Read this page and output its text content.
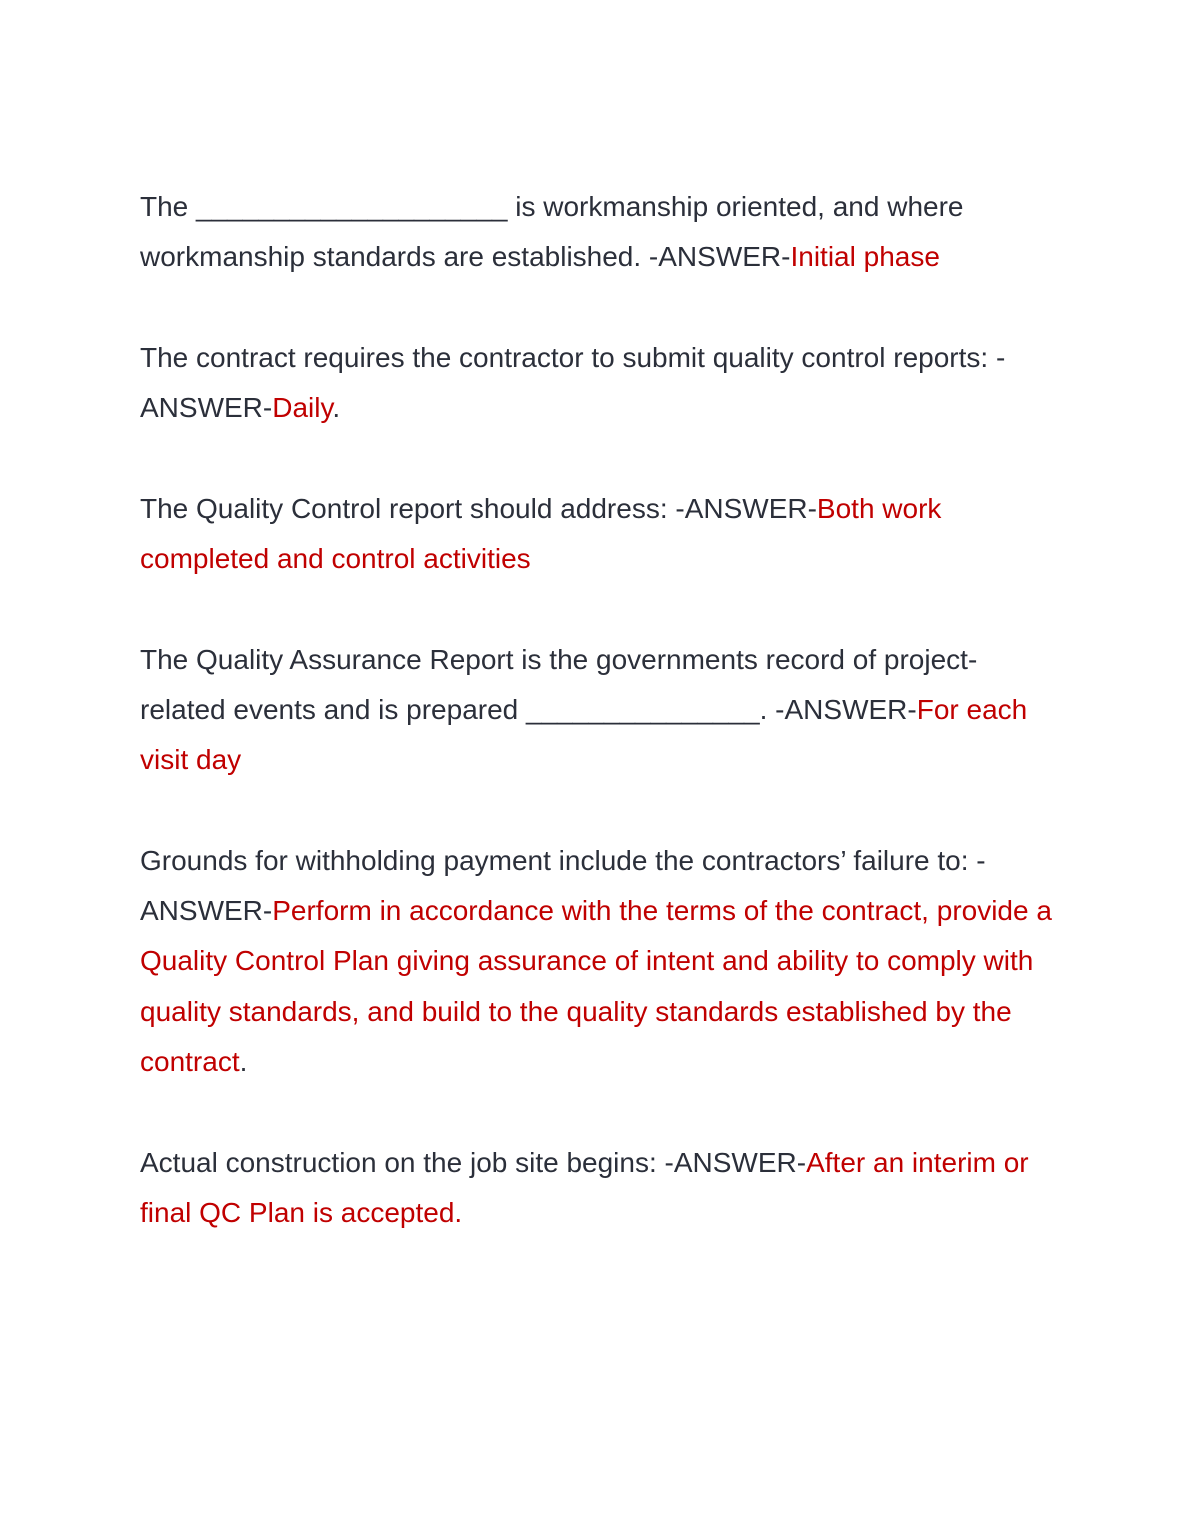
The ____________________ is workmanship oriented, and where workmanship standards are established. -ANSWER-Initial phase

The contract requires the contractor to submit quality control reports: -ANSWER-Daily.

The Quality Control report should address: -ANSWER-Both work completed and control activities

The Quality Assurance Report is the governments record of project-related events and is prepared _______________. -ANSWER-For each visit day

Grounds for withholding payment include the contractors’ failure to: -ANSWER-Perform in accordance with the terms of the contract, provide a Quality Control Plan giving assurance of intent and ability to comply with quality standards, and build to the quality standards established by the contract.

Actual construction on the job site begins: -ANSWER-After an interim or final QC Plan is accepted.
